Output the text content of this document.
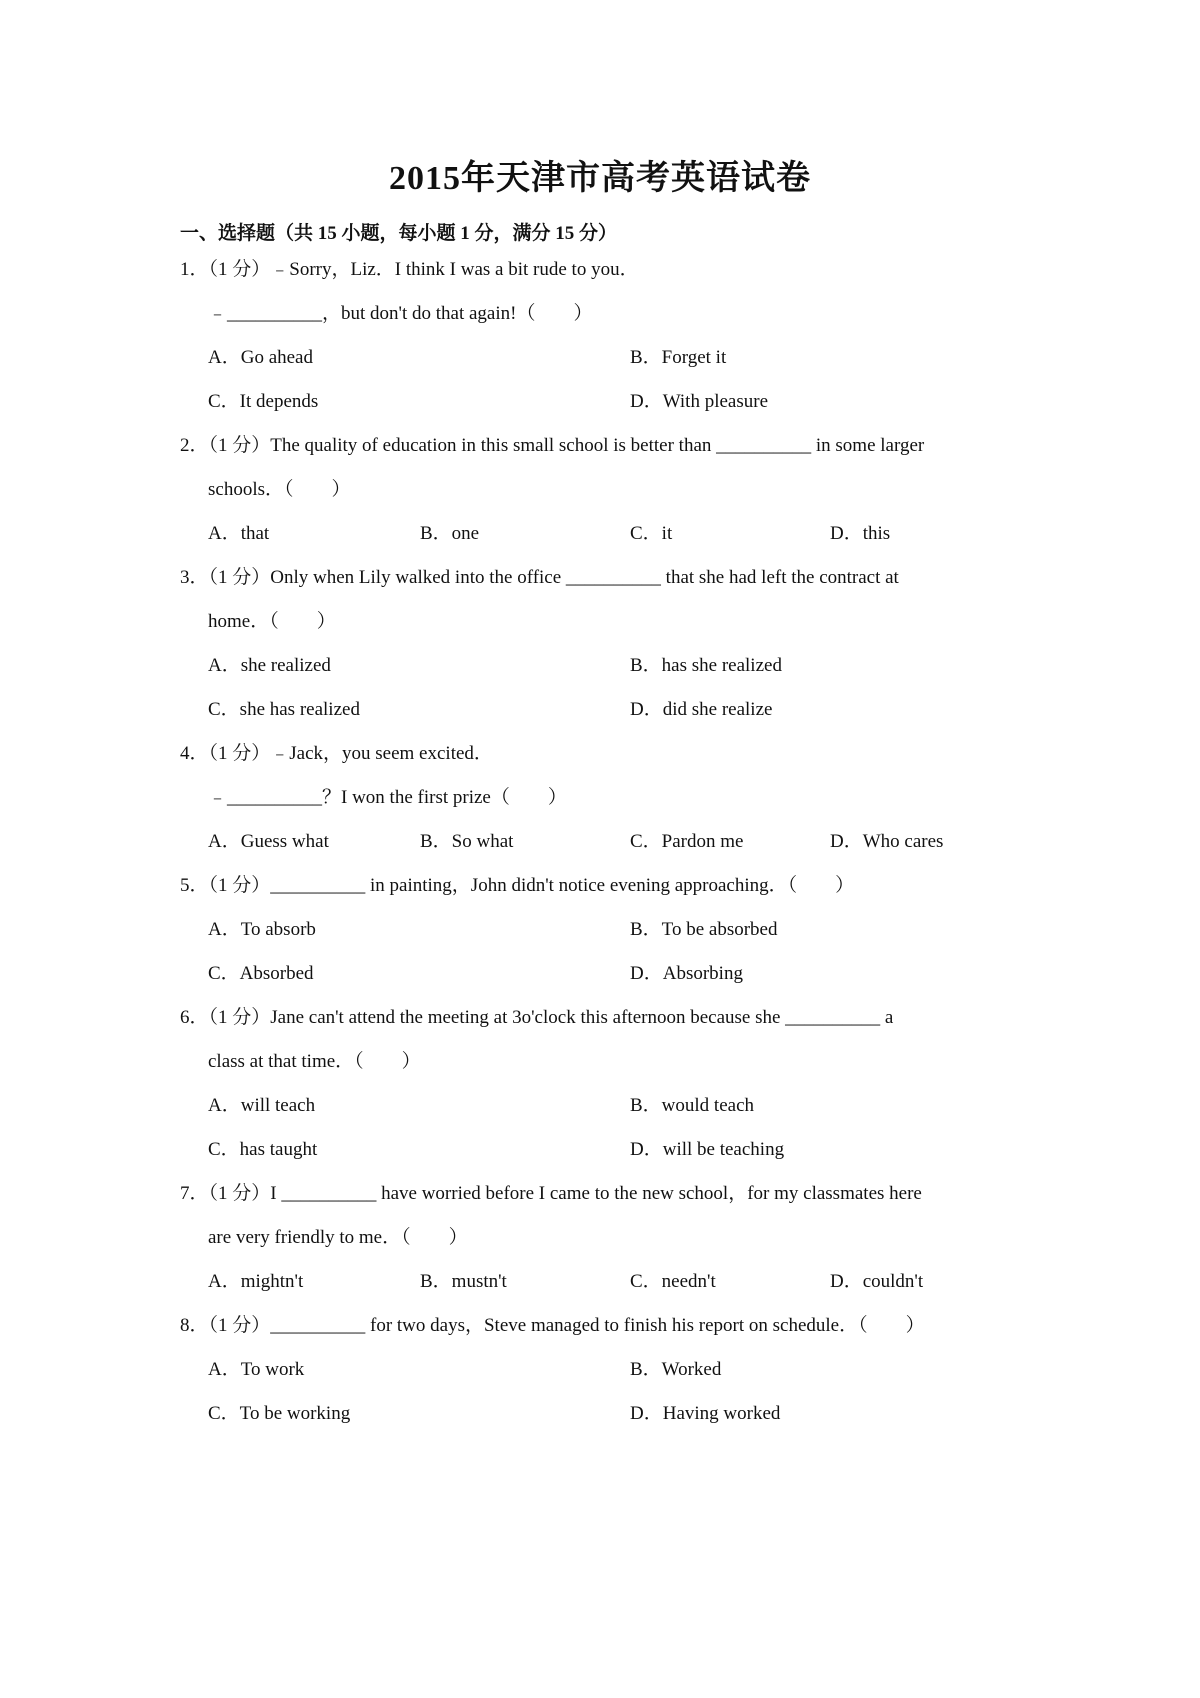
2015年天津市高考英语试卷
一、选择题（共 15 小题，每小题 1 分，满分 15 分）
1．（1 分）﹣Sorry，Liz．I think I was a bit rude to you．
﹣__________，but don't do that again!（　　）
A．Go ahead	B．Forget it
C．It depends	D．With pleasure
2．（1 分）The quality of education in this small school is better than __________ in some larger
schools．（　　）
A．that	B．one	C．it	D．this
3．（1 分）Only when Lily walked into the office __________ that she had left the contract at
home．（　　）
A．she realized	B．has she realized
C．she has realized	D．did she realize
4．（1 分）﹣Jack，you seem excited．
﹣__________？I won the first prize（　　）
A．Guess what	B．So what	C．Pardon me	D．Who cares
5．（1 分）__________ in painting，John didn't notice evening approaching．（　　）
A．To absorb	B．To be absorbed
C．Absorbed	D．Absorbing
6．（1 分）Jane can't attend the meeting at 3o'clock this afternoon because she __________ a
class at that time．（　　）
A．will teach	B．would teach
C．has taught	D．will be teaching
7．（1 分）I __________ have worried before I came to the new school，for my classmates here
are very friendly to me．（　　）
A．mightn't	B．mustn't	C．needn't	D．couldn't
8．（1 分）__________ for two days，Steve managed to finish his report on schedule．（　　）
A．To work	B．Worked
C．To be working	D．Having worked
